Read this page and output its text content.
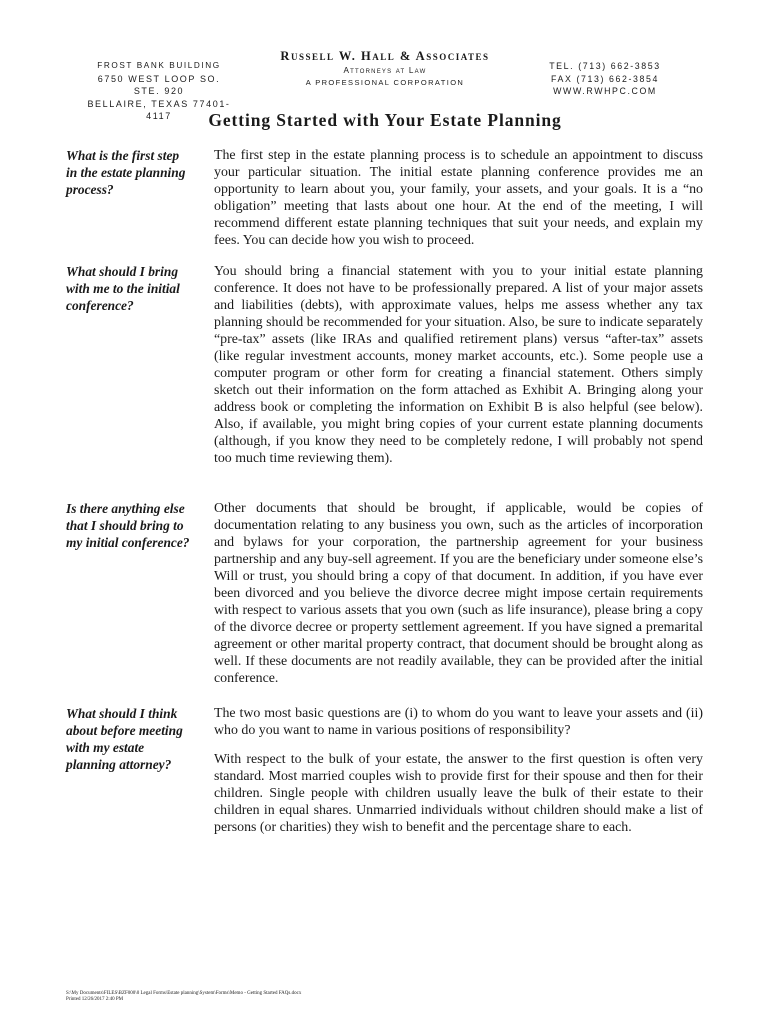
FROST BANK BUILDING
6750 WEST LOOP SO. STE. 920
BELLAIRE, TEXAS 77401-4117
Russell W. Hall & Associates
Attorneys at Law
A PROFESSIONAL CORPORATION
TEL. (713) 662-3853
FAX (713) 662-3854
WWW.RWHPC.COM
Getting Started with Your Estate Planning

What is the first step in the estate planning process?

The first step in the estate planning process is to schedule an appointment to discuss your particular situation. The initial estate planning conference provides me an opportunity to learn about you, your family, your assets, and your goals. It is a “no obligation” meeting that lasts about one hour. At the end of the meeting, I will recommend different estate planning techniques that suit your needs, and explain my fees. You can decide how you wish to proceed.

What should I bring with me to the initial conference?

You should bring a financial statement with you to your initial estate planning conference. It does not have to be professionally prepared. A list of your major assets and liabilities (debts), with approximate values, helps me assess whether any tax planning should be recommended for your situation. Also, be sure to indicate separately “pre-tax” assets (like IRAs and qualified retirement plans) versus “after-tax” assets (like regular investment accounts, money market accounts, etc.). Some people use a computer program or other form for creating a financial statement. Others simply sketch out their information on the form attached as Exhibit A. Bringing along your address book or completing the information on Exhibit B is also helpful (see below). Also, if available, you might bring copies of your current estate planning documents (although, if you know they need to be completely redone, I will probably not spend too much time reviewing them).

Is there anything else that I should bring to my initial conference?

Other documents that should be brought, if applicable, would be copies of documentation relating to any business you own, such as the articles of incorporation and bylaws for your corporation, the partnership agreement for your business partnership and any buy-sell agreement. If you are the beneficiary under someone else’s Will or trust, you should bring a copy of that document. In addition, if you have ever been divorced and you believe the divorce decree might impose certain requirements with respect to various assets that you own (such as life insurance), please bring a copy of the divorce decree or property settlement agreement. If you have signed a premarital agreement or other marital property contract, that document should be brought along as well. If these documents are not readily available, they can be provided after the initial conference.

What should I think about before meeting with my estate planning attorney?

The two most basic questions are (i) to whom do you want to leave your assets and (ii) who do you want to name in various positions of responsibility?

With respect to the bulk of your estate, the answer to the first question is often very standard. Most married couples wish to provide first for their spouse and then for their children. Single people with children usually leave the bulk of their estate to their children in equal shares. Unmarried individuals without children should make a list of persons (or charities) they wish to benefit and the percentage share to each.

S:\My Documents\FILES\BZF000\0 Legal Forms\Estate planning\System\Forms\Memo - Getting Started FAQs.docx
Printed 12/26/2017 2:40 PM
